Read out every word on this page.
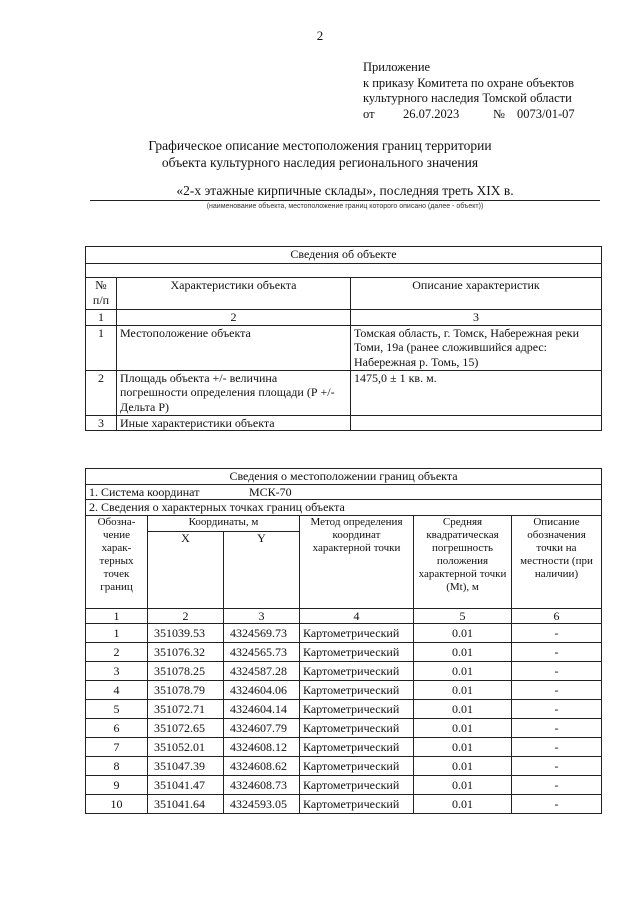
2
Приложение
к приказу Комитета по охране объектов
культурного наследия Томской области
от 26.07.2023	№ 0073/01-07
Графическое описание местоположения границ территории
объекта культурного наследия регионального значения
«2-х этажные кирпичные склады», последняя треть XIX в.
(наименование объекта, местоположение границ которого описано (далее - объект))
Сведения об объекте		

№ п/п	Характеристики объекта	Описание характеристик
1	2	3
1	Местоположение объекта	Томская область, г. Томск, Набережная реки Томи, 19а (ранее сложившийся адрес: Набережная р. Томь, 15)
2	Площадь объекта +/- величина погрешности определения площади (Р +/- Дельта Р)	1475,0 ± 1 кв. м.
3	Иные характеристики объекта	
Сведения о местоположении границ объекта					
1. Система координат МСК-70					
2. Сведения о характерных точках границ объекта					
Обозна-чение харак-терных точек границ	Координаты, м		Метод определения координат характерной точки	Средняя квадратическая погрешность положения характерной точки (Mt), м	Описание обозначения точки на местности (при наличии)
	X	Y			
1	2	3	4	5	6
1	351039.53	4324569.73	Картометрический	0.01	-
2	351076.32	4324565.73	Картометрический	0.01	-
3	351078.25	4324587.28	Картометрический	0.01	-
4	351078.79	4324604.06	Картометрический	0.01	-
5	351072.71	4324604.14	Картометрический	0.01	-
6	351072.65	4324607.79	Картометрический	0.01	-
7	351052.01	4324608.12	Картометрический	0.01	-
8	351047.39	4324608.62	Картометрический	0.01	-
9	351041.47	4324608.73	Картометрический	0.01	-
10	351041.64	4324593.05	Картометрический	0.01	-
